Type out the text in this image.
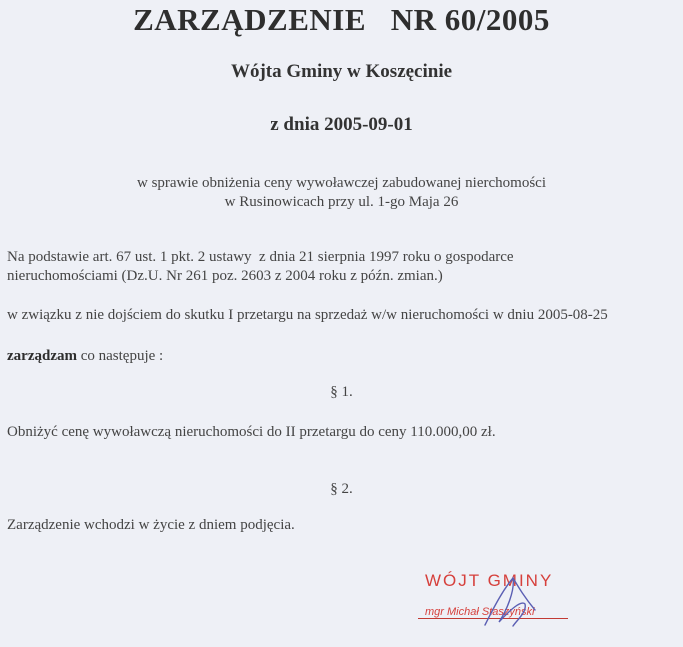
ZARZĄDZENIE   NR 60/2005
Wójta Gminy w Koszęcinie
z dnia 2005-09-01
w sprawie obniżenia ceny wywoławczej zabudowanej nierchomości
w Rusinowicach przy ul. 1-go Maja 26
Na podstawie art. 67 ust. 1 pkt. 2 ustawy  z dnia 21 sierpnia 1997 roku o gospodarce
nieruchomościami (Dz.U. Nr 261 poz. 2603 z 2004 roku z późn. zmian.)
w związku z nie dojściem do skutku I przetargu na sprzedaż w/w nieruchomości w dniu 2005-08-25
zarządzam co następuje :
§ 1.
Obniżyć cenę wywoławczą nieruchomości do II przetargu do ceny 110.000,00 zł.
§ 2.
Zarządzenie wchodzi w życie z dniem podjęcia.
WÓJT GMINY
mgr Michał Staszyński
